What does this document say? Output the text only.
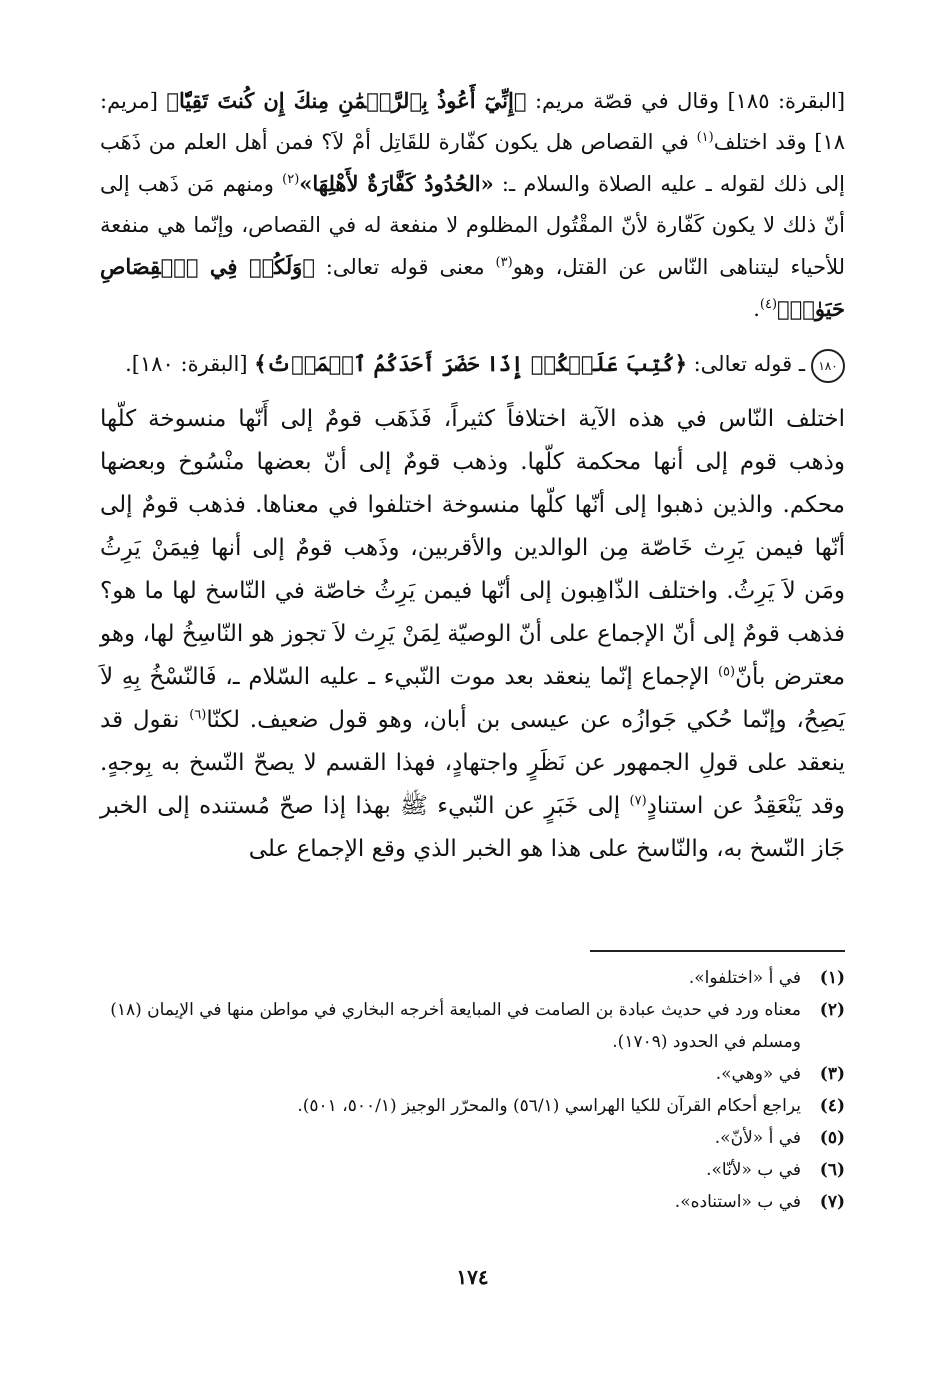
[البقرة: ١٨٥] وقال في قصّة مريم: ﴿إِنِّيٓ أَعُوذُ بِٱلرَّحۡمَٰنِ مِنكَ إِن كُنتَ تَقِيّٗا﴾ [مريم: ١٨] وقد اختلف$^{(١)}$ في القصاص هل يكون كفّارة للقَاتِل أمْ لاَ؟ فمن أهل العلم من ذَهَب إلى ذلك لقوله ـ عليه الصلاة والسلام ـ: «الحُدُودُ كَفَّارَةٌ لأَهْلِهَا»$^{(٢)}$ ومنهم مَن ذَهب إلى أنّ ذلك لا يكون كَفّارة لأنّ المقْتُول المظلوم لا منفعة له في القصاص، وإنّما هي منفعة للأحياء ليتناهى النّاس عن القتل، وهو$^{(٣)}$ معنى قوله تعالى: ﴿وَلَكُمۡ فِي ٱلۡقِصَاصِ حَيَوٰةٞ﴾$^{(٤)}$.

١٨٠ـ قوله تعالى: ﴿كُتِبَ عَلَيۡكُمۡ إِذَا حَضَرَ أَحَدَكُمُ ٱلۡمَوۡتُ﴾ [البقرة: ١٨٠].

اختلف النّاس في هذه الآية اختلافاً كثيراً، فَذَهَب قومٌ إلى أَنّها منسوخة كلّها وذهب قوم إلى أنها محكمة كلّها. وذهب قومٌ إلى أنّ بعضها منْسُوخ وبعضها محكم. والذين ذهبوا إلى أنّها كلّها منسوخة اختلفوا في معناها. فذهب قومٌ إلى أنّها فيمن يَرِث خَاصّة مِن الوالدين والأقربين، وذَهب قومٌ إلى أنها فِيمَنْ يَرِثُ ومَن لاَ يَرِثُ. واختلف الذّاهِبون إلى أنّها فيمن يَرِثُ خاصّة في النّاسخ لها ما هو؟ فذهب قومٌ إلى أنّ الإجماع على أنّ الوصيّة لِمَنْ يَرِث لاَ تجوز هو النّاسِخُ لها، وهو معترض بأنّ$^{(٥)}$ الإجماع إنّما ينعقد بعد موت النّبيء ـ عليه السّلام ـ، فَالنّسْخُ بِهِ لاَ يَصِحُ، وإنّما حُكي جَوازُه عن عيسى بن أبان، وهو قول ضعيف. لكنّا$^{(٦)}$ نقول قد ينعقد على قولِ الجمهور عن نَظَرٍ واجتهادٍ، فهذا القسم لا يصحّ النّسخ به بِوجهٍ. وقد يَنْعَقِدُ عن استنادٍ$^{(٧)}$ إلى خَبَرٍ عن النّبيء ﷺ بهذا إذا صحّ مُستنده إلى الخبر جَاز النّسخ به، والنّاسخ على هذا هو الخبر الذي وقع الإجماع على

(١)
في أ «اختلفوا».
(٢)
معناه ورد في حديث عبادة بن الصامت في المبايعة أخرجه البخاري في مواطن منها في الإيمان (١٨) ومسلم في الحدود (١٧٠٩).
(٣)
في «وهي».
(٤)
يراجع أحكام القرآن للكيا الهراسي (٥٦/١) والمحرّر الوجيز (٥٠٠/١، ٥٠١).
(٥)
في أ «لأنّ».
(٦)
في ب «لأنّا».
(٧)
في ب «استناده».
١٧٤
